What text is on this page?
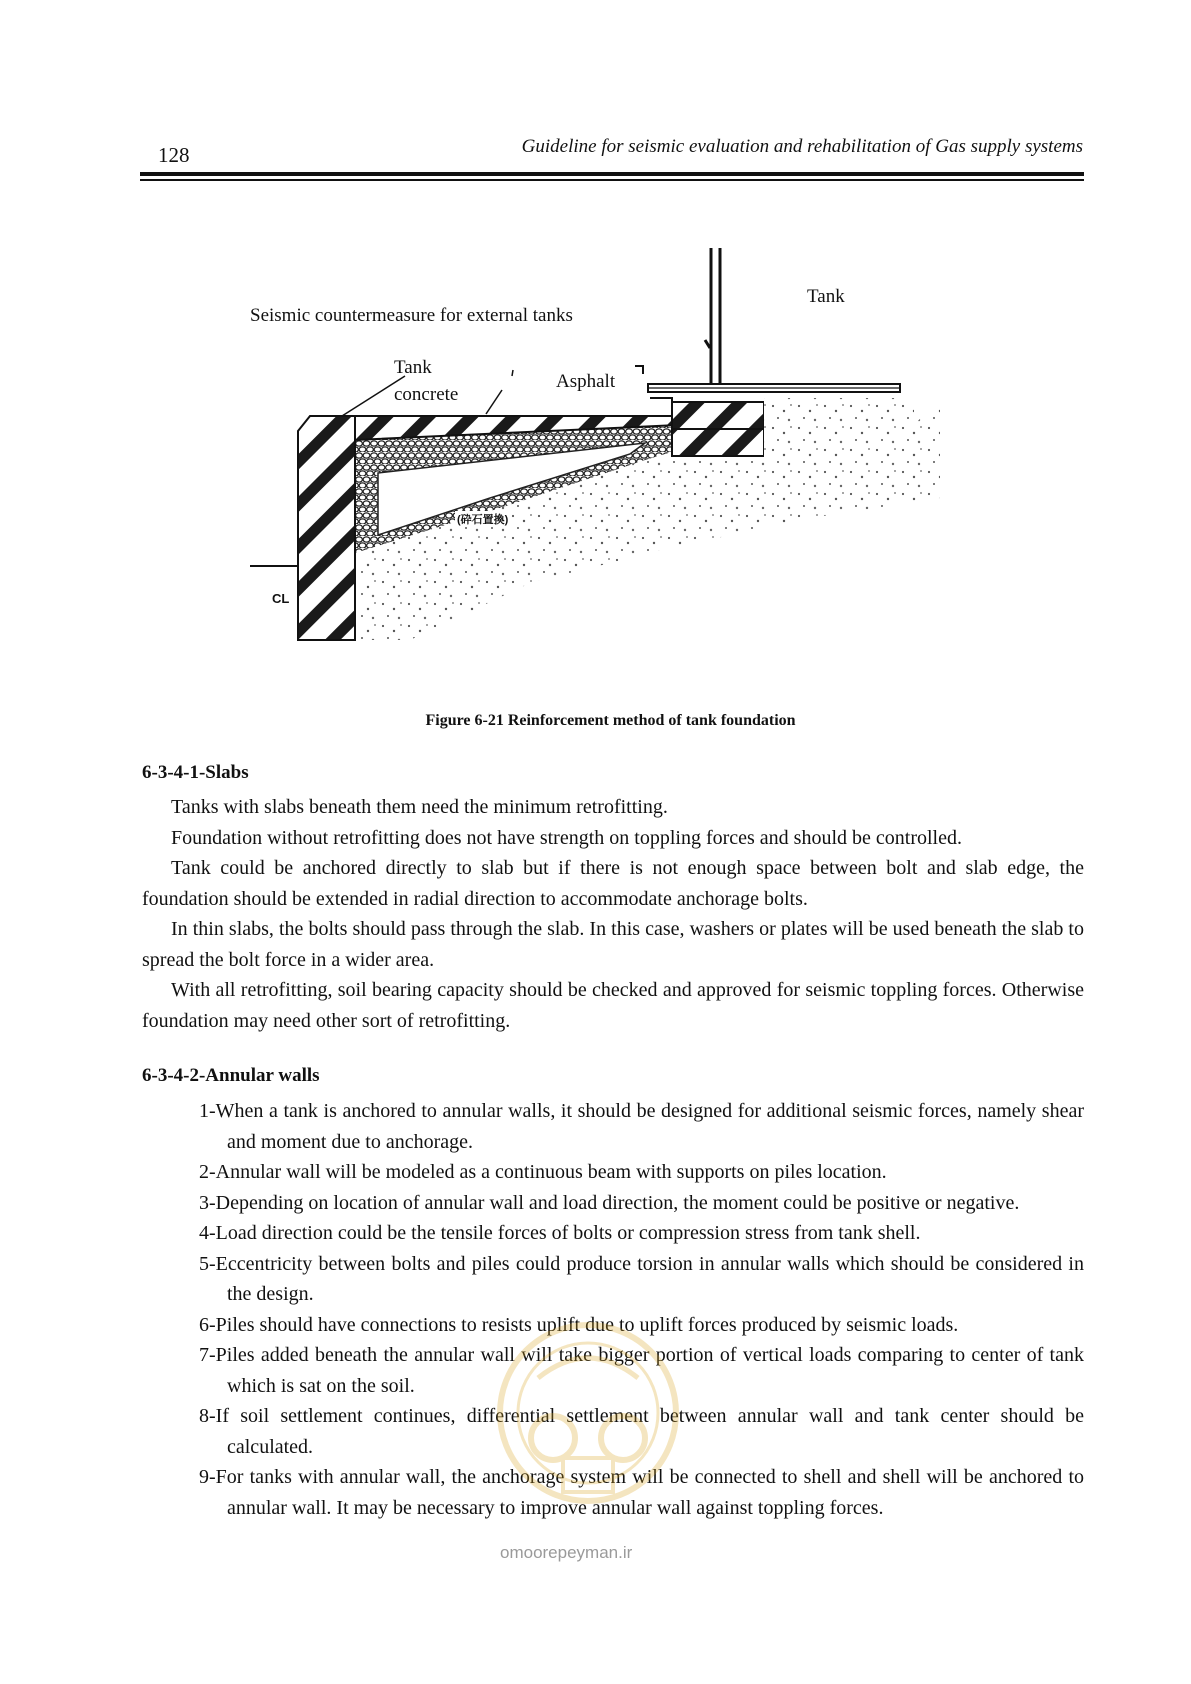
128	Guideline for seismic evaluation and rehabilitation of Gas supply systems
Seismic countermeasure for external tanks
Tank
Tank
concrete
Asphalt
CL
(砕石置換)
Figure 6-21 Reinforcement method of tank foundation
6-3-4-1-Slabs

Tanks with slabs beneath them need the minimum retrofitting.

Foundation without retrofitting does not have strength on toppling forces and should be controlled.

Tank could be anchored directly to slab but if there is not enough space between bolt and slab edge, the foundation should be extended in radial direction to accommodate anchorage bolts.

In thin slabs, the bolts should pass through the slab. In this case, washers or plates will be used beneath the slab to spread the bolt force in a wider area.

With all retrofitting, soil bearing capacity should be checked and approved for seismic toppling forces. Otherwise foundation may need other sort of retrofitting.

6-3-4-2-Annular walls
1-When a tank is anchored to annular walls, it should be designed for additional seismic forces, namely shear and moment due to anchorage.
2-Annular wall will be modeled as a continuous beam with supports on piles location.
3-Depending on location of annular wall and load direction, the moment could be positive or negative.
4-Load direction could be the tensile forces of bolts or compression stress from tank shell.
5-Eccentricity between bolts and piles could produce torsion in annular walls which should be considered in the design.
6-Piles should have connections to resists uplift due to uplift forces produced by seismic loads.
7-Piles added beneath the annular wall will take bigger portion of vertical loads comparing to center of tank which is sat on the soil.
8-If soil settlement continues, differential settlement between annular wall and tank center should be calculated.
9-For tanks with annular wall, the anchorage system will be connected to shell and shell will be anchored to annular wall. It may be necessary to improve annular wall against toppling forces.
omoorepeyman.ir
